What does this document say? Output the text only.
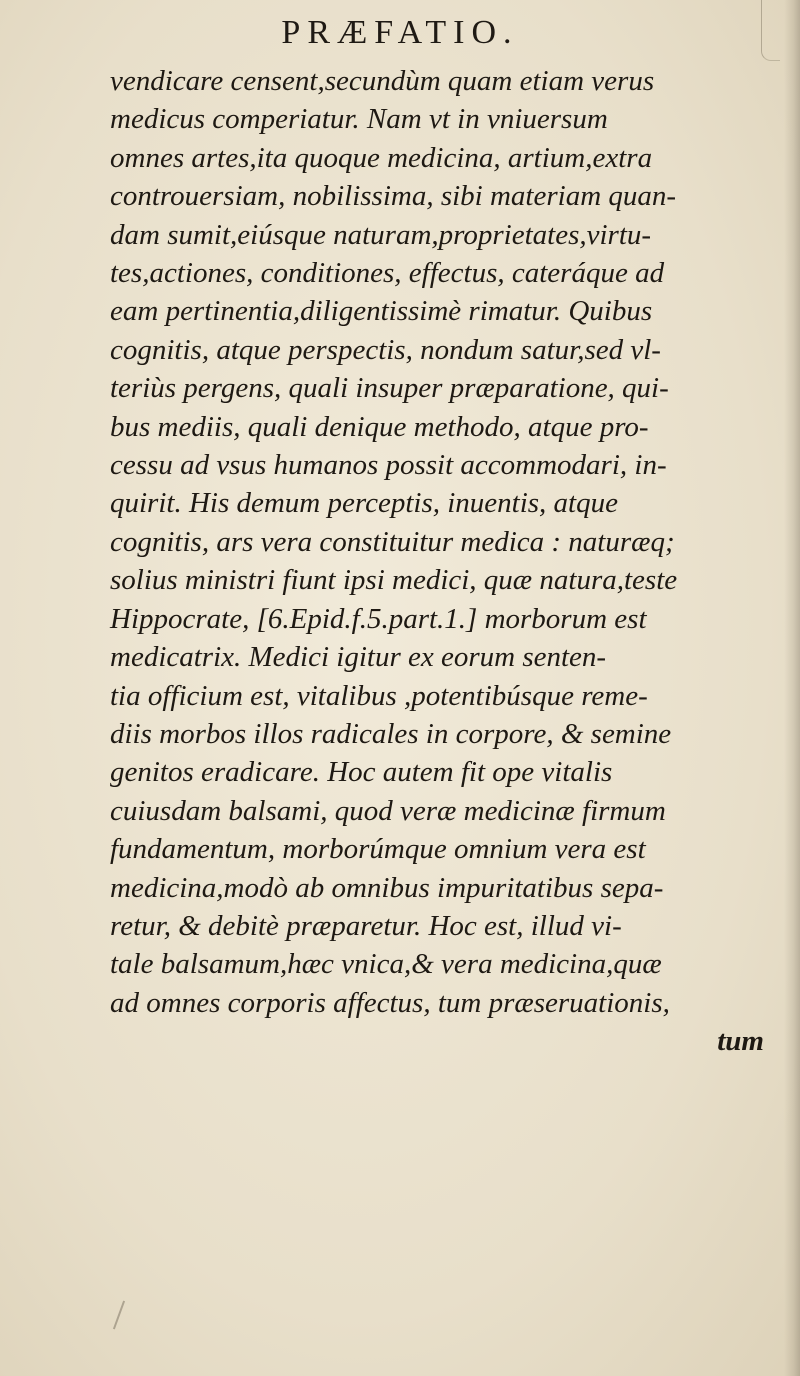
PRÆFATIO.
vendicare censent,secundùm quam etiam verus
medicus comperiatur. Nam vt in vniuersum
omnes artes,ita quoque medicina, artium,extra
controuersiam, nobilissima, sibi materiam quan-
dam sumit,eiúsque naturam,proprietates,virtu-
tes,actiones, conditiones, effectus, cateráque ad
eam pertinentia,diligentissimè rimatur. Quibus
cognitis, atque perspectis, nondum satur,sed vl-
teriùs pergens, quali insuper præparatione, qui-
bus mediis, quali denique methodo, atque pro-
cessu ad vsus humanos possit accommodari, in-
quirit. His demum perceptis, inuentis, atque
cognitis, ars vera constituitur medica : naturæq;
solius ministri fiunt ipsi medici, quæ natura,teste
Hippocrate, [6.Epid.f.5.part.1.] morborum est
medicatrix. Medici igitur ex eorum senten-
tia officium est, vitalibus ,potentibúsque reme-
diis morbos illos radicales in corpore, & semine
genitos eradicare. Hoc autem fit ope vitalis
cuiusdam balsami, quod veræ medicinæ firmum
fundamentum, morborúmque omnium vera est
medicina,modò ab omnibus impuritatibus sepa-
retur, & debitè præparetur. Hoc est, illud vi-
tale balsamum,hæc vnica,& vera medicina,quæ
ad omnes corporis affectus, tum præseruationis,
tum
